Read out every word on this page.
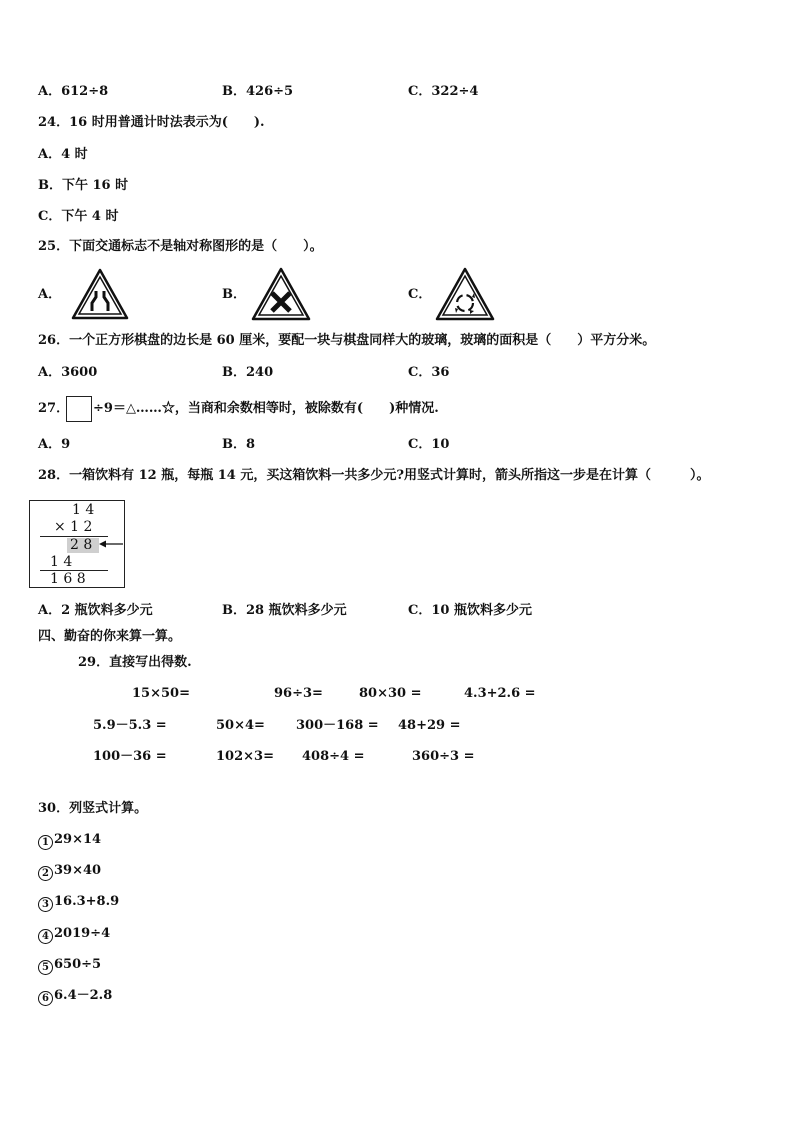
A．612÷8	B．426÷5	C．322÷4
24．16 时用普通计时法表示为(　　).
A．4 时
B．下午 16 时
C．下午 4 时
25．下面交通标志不是轴对称图形的是（　　）。
A．	B．	C．
26．一个正方形棋盘的边长是 60 厘米，要配一块与棋盘同样大的玻璃，玻璃的面积是（　　）平方分米。
A．3600	B．240	C．36
27． ÷9＝△……☆，当商和余数相等时，被除数有(　　)种情况.
A．9	B．8	C．10
28．一箱饮料有 12 瓶，每瓶 14 元，买这箱饮料一共多少元?用竖式计算时，箭头所指这一步是在计算（　　　）。
1 4
× 1 2
2 8
1 4
1 6 8
A．2 瓶饮料多少元	B．28 瓶饮料多少元	C．10 瓶饮料多少元
四、勤奋的你来算一算。
29．直接写出得数.
15×50=	96÷3=	80×30 =	4.3+2.6 =
5.9－5.3 =	50×4= 300－168 = 48+29 =
100－36 =	102×3= 408÷4 =	360÷3 =
30．列竖式计算。
1 29×14
2 39×40
3 16.3+8.9
4 2019÷4
5 650÷5
6 6.4－2.8
